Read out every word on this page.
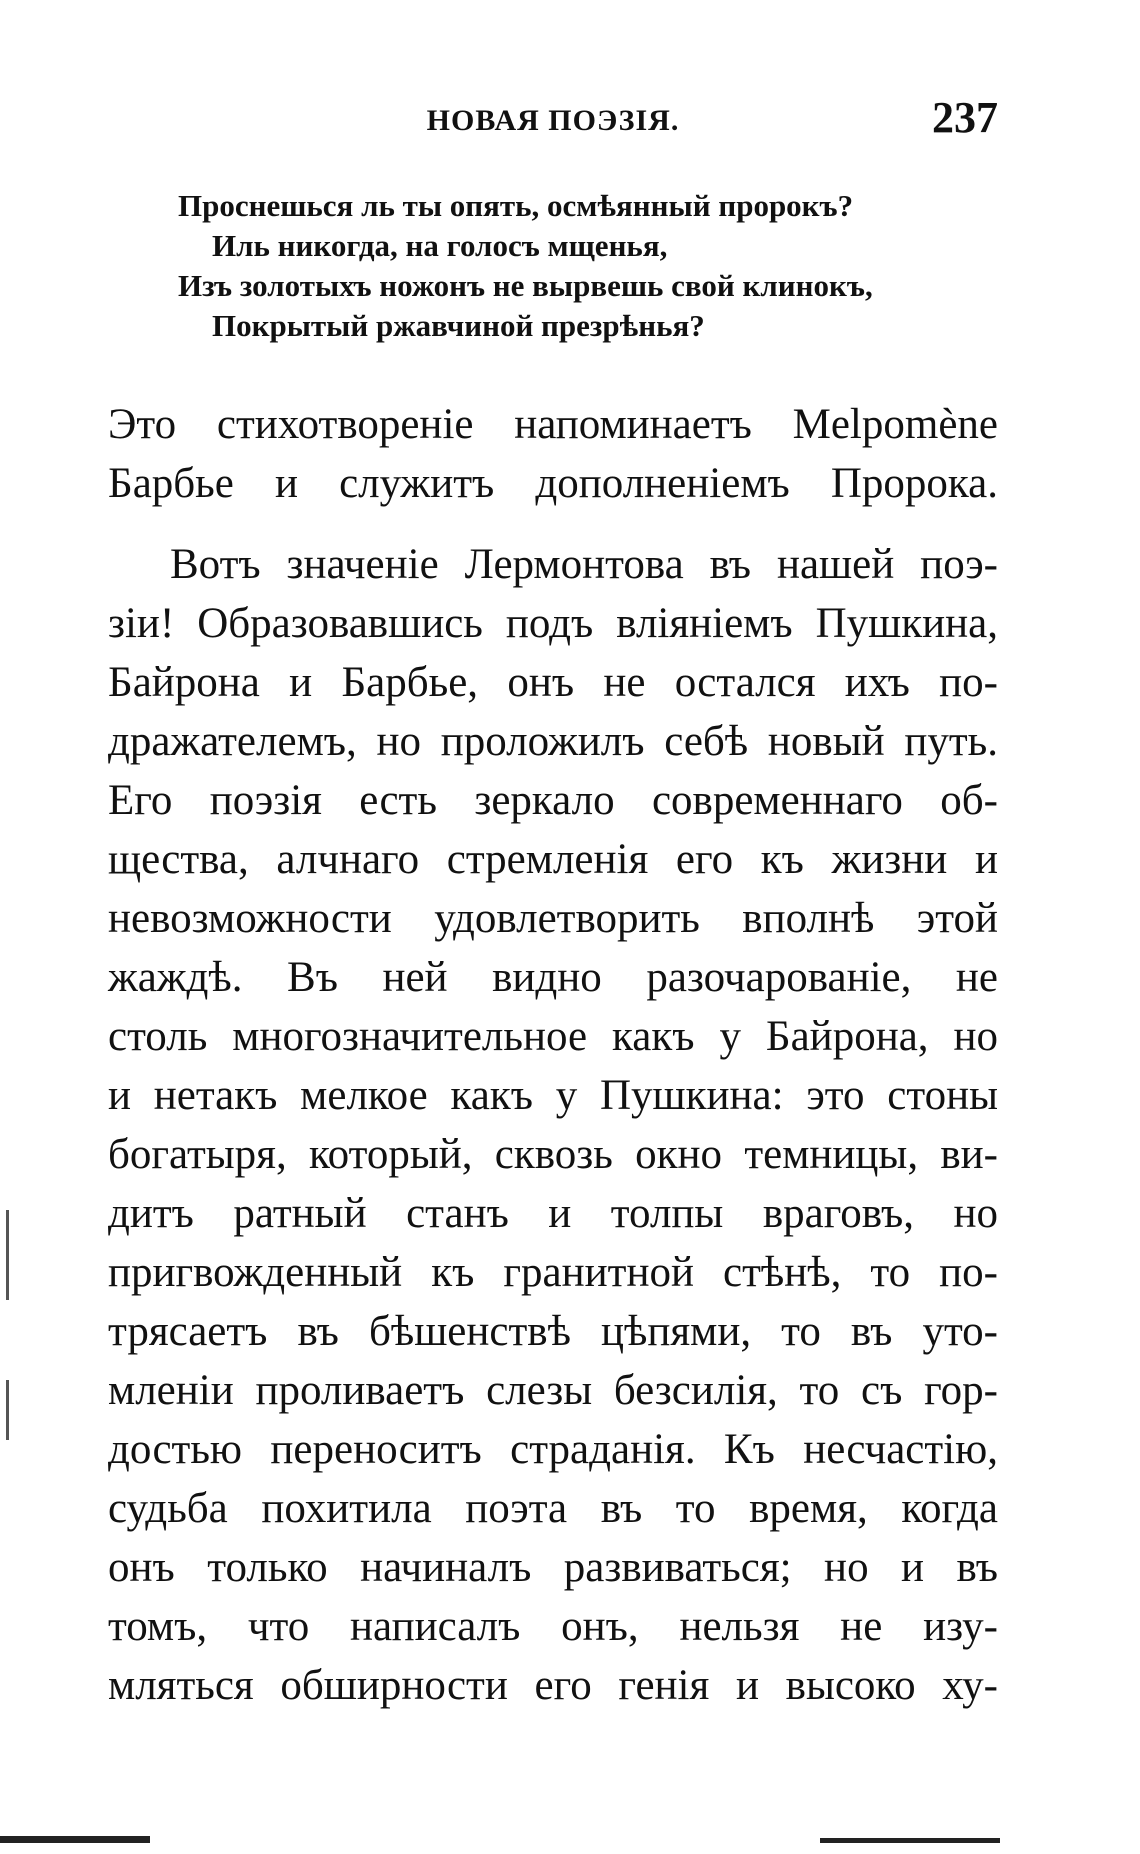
НОВАЯ ПОЭЗІЯ.	237
Проснешься ль ты опять, осмѣянный пророкъ?
Иль никогда, на голосъ мщенья,
Изъ золотыхъ ножонъ не вырвешь свой клинокъ,
Покрытый ржавчиной презрѣнья?
Это стихотвореніе напоминаетъ Melpomène
Барбье и служитъ дополненіемъ Пророка.
Вотъ значеніе Лермонтова въ нашей поэ-
зіи! Образовавшись подъ вліяніемъ Пушкина,
Байрона и Барбье, онъ не остался ихъ по-
дражателемъ, но проложилъ себѣ новый путь.
Его поэзія есть зеркало современнаго об-
щества, алчнаго стремленія его къ жизни и
невозможности удовлетворить вполнѣ этой
жаждѣ. Въ ней видно разочарованіе, не
столь многозначительное какъ у Байрона, но
и нетакъ мелкое какъ у Пушкина: это стоны
богатыря, который, сквозь окно темницы, ви-
дитъ ратный станъ и толпы враговъ, но
пригвожденный къ гранитной стѣнѣ, то по-
трясаетъ въ бѣшенствѣ цѣпями, то въ уто-
мленіи проливаетъ слезы безсилія, то съ гор-
достью переноситъ страданія. Къ несчастію,
судьба похитила поэта въ то время, когда
онъ только начиналъ развиваться; но и въ
томъ, что написалъ онъ, нельзя не изу-
мляться обширности его генія и высоко ху-
